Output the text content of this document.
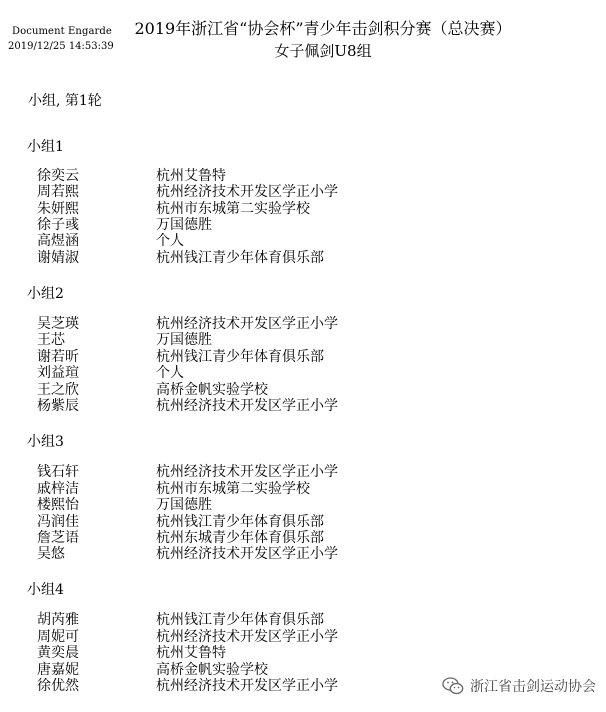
Document Engarde
2019/12/25 14:53:39
2019年浙江省“协会杯”青少年击剑积分赛（总决赛）
女子佩剑U8组
小组, 第1轮
小组1
徐奕云	杭州艾鲁特
周若熙	杭州经济技术开发区学正小学
朱妍熙	杭州市东城第二实验学校
徐子彧	万国德胜
高煜涵	个人
谢婧淑	杭州钱江青少年体育俱乐部
小组2
吴芝瑛	杭州经济技术开发区学正小学
王芯	万国德胜
谢若昕	杭州钱江青少年体育俱乐部
刘益瑄	个人
王之欣	高桥金帆实验学校
杨紫辰	杭州经济技术开发区学正小学
小组3
钱石轩	杭州经济技术开发区学正小学
戚梓洁	杭州市东城第二实验学校
楼熙怡	万国德胜
冯润佳	杭州钱江青少年体育俱乐部
詹芝语	杭州东城青少年体育俱乐部
吴悠	杭州经济技术开发区学正小学
小组4
胡芮雅	杭州钱江青少年体育俱乐部
周妮可	杭州经济技术开发区学正小学
黄奕晨	杭州艾鲁特
唐嘉妮	高桥金帆实验学校
徐优然	杭州经济技术开发区学正小学	浙江省击剑运动协会
